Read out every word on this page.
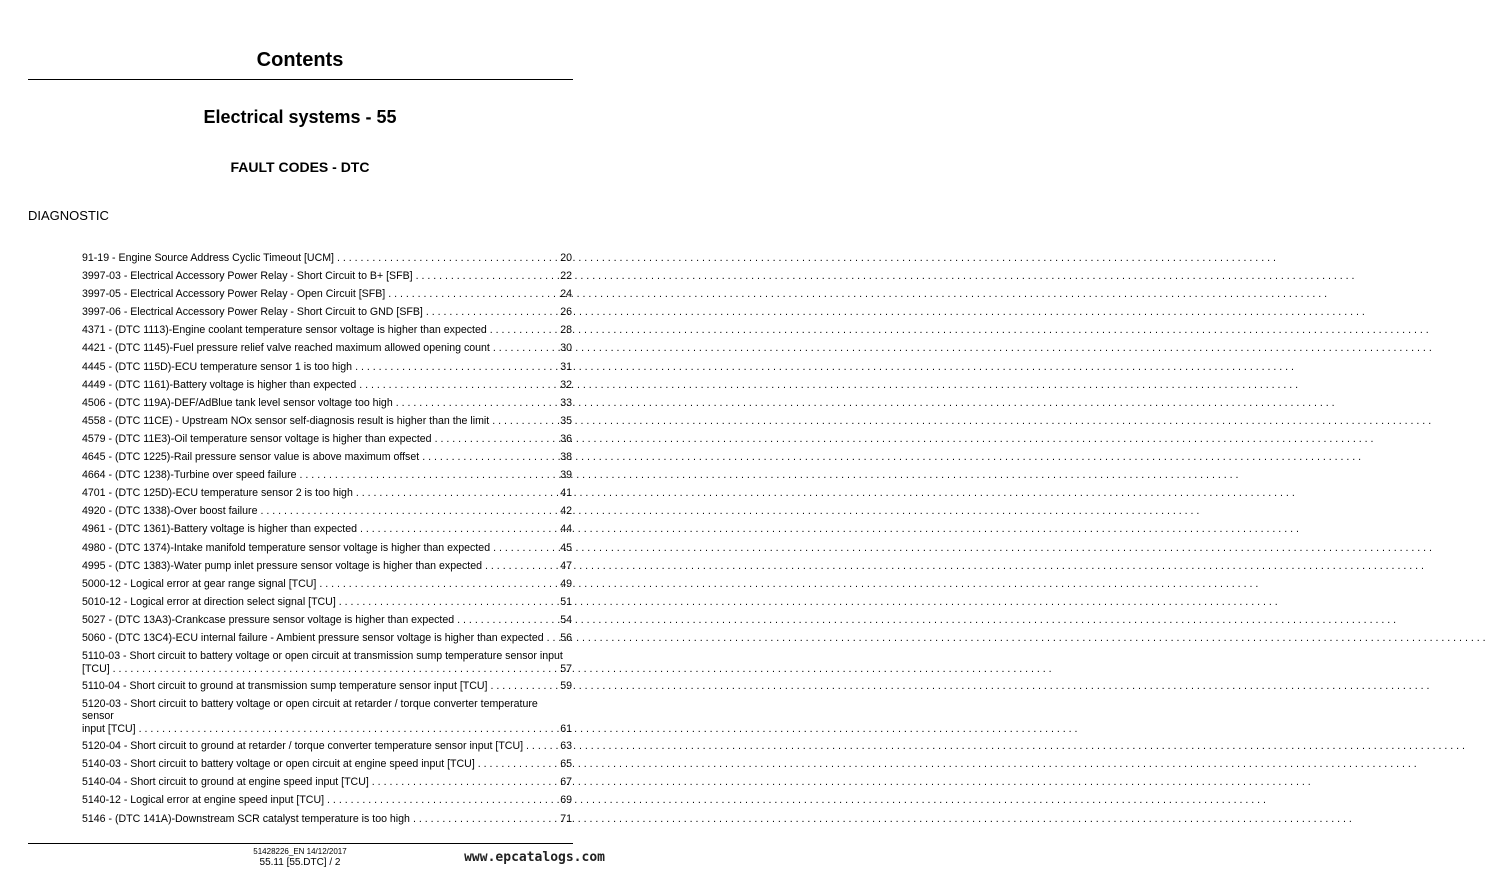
Contents
Electrical systems - 55
FAULT CODES - DTC
DIAGNOSTIC
91-19 - Engine Source Address Cyclic Timeout [UCM] . . .	20
3997-03 - Electrical Accessory Power Relay - Short Circuit to B+ [SFB] . . .	22
3997-05 - Electrical Accessory Power Relay - Open Circuit [SFB] . . .	24
3997-06 - Electrical Accessory Power Relay - Short Circuit to GND [SFB] . . .	26
4371 - (DTC 1113)-Engine coolant temperature sensor voltage is higher than expected . . .	28
4421 - (DTC 1145)-Fuel pressure relief valve reached maximum allowed opening count . . .	30
4445 - (DTC 115D)-ECU temperature sensor 1 is too high . . .	31
4449 - (DTC 1161)-Battery voltage is higher than expected . . .	32
4506 - (DTC 119A)-DEF/AdBlue tank level sensor voltage too high . . .	33
4558 - (DTC 11CE) - Upstream NOx sensor self-diagnosis result is higher than the limit . . .	35
4579 - (DTC 11E3)-Oil temperature sensor voltage is higher than expected . . .	36
4645 - (DTC 1225)-Rail pressure sensor value is above maximum offset . . .	38
4664 - (DTC 1238)-Turbine over speed failure . . .	39
4701 - (DTC 125D)-ECU temperature sensor 2 is too high . . .	41
4920 - (DTC 1338)-Over boost failure . . .	42
4961 - (DTC 1361)-Battery voltage is higher than expected . . .	44
4980 - (DTC 1374)-Intake manifold temperature sensor voltage is higher than expected . . .	45
4995 - (DTC 1383)-Water pump inlet pressure sensor voltage is higher than expected . . .	47
5000-12 - Logical error at gear range signal [TCU] . . .	49
5010-12 - Logical error at direction select signal [TCU] . . .	51
5027 - (DTC 13A3)-Crankcase pressure sensor voltage is higher than expected . . .	54
5060 - (DTC 13C4)-ECU internal failure - Ambient pressure sensor voltage is higher than expected . . . 56
5110-03 - Short circuit to battery voltage or open circuit at transmission sump temperature sensor input
[TCU] . . .	57
5110-04 - Short circuit to ground at transmission sump temperature sensor input [TCU] . . .	59
5120-03 - Short circuit to battery voltage or open circuit at retarder / torque converter temperature sensor
input [TCU] . . .	61
5120-04 - Short circuit to ground at retarder / torque converter temperature sensor input [TCU] . . .	63
5140-03 - Short circuit to battery voltage or open circuit at engine speed input [TCU] . . .	65
5140-04 - Short circuit to ground at engine speed input [TCU] . . .	67
5140-12 - Logical error at engine speed input [TCU] . . .	69
5146 - (DTC 141A)-Downstream SCR catalyst temperature is too high . . .	71
51428226_EN 14/12/2017
55.11 [55.DTC] / 2	www.epcatalogs.com
